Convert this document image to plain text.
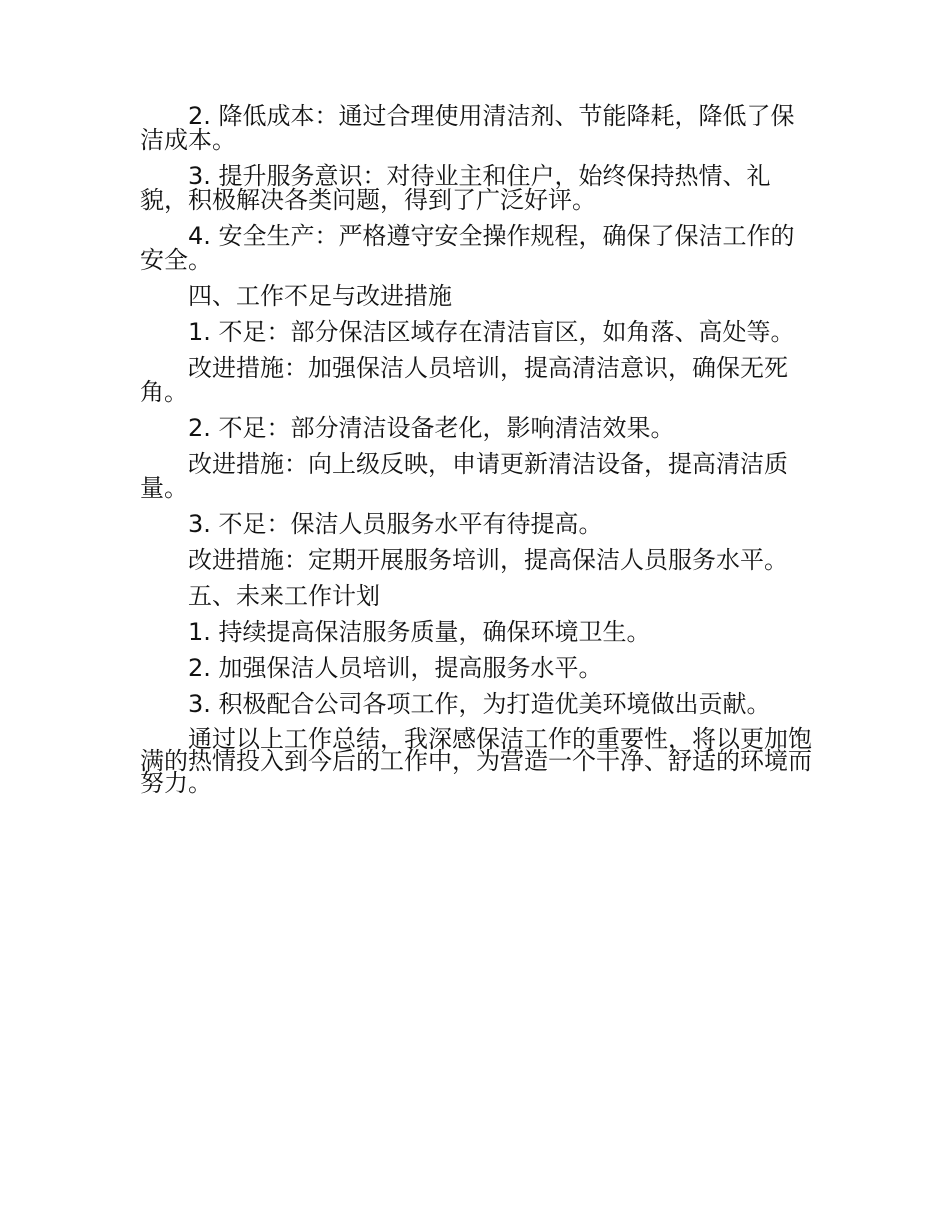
2. 降低成本：通过合理使用清洁剂、节能降耗，降低了保洁成本。

3. 提升服务意识：对待业主和住户，始终保持热情、礼貌，积极解决各类问题，得到了广泛好评。

4. 安全生产：严格遵守安全操作规程，确保了保洁工作的安全。

四、工作不足与改进措施

1. 不足：部分保洁区域存在清洁盲区，如角落、高处等。

改进措施：加强保洁人员培训，提高清洁意识，确保无死角。

2. 不足：部分清洁设备老化，影响清洁效果。

改进措施：向上级反映，申请更新清洁设备，提高清洁质量。

3. 不足：保洁人员服务水平有待提高。

改进措施：定期开展服务培训，提高保洁人员服务水平。

五、未来工作计划

1. 持续提高保洁服务质量，确保环境卫生。

2. 加强保洁人员培训，提高服务水平。

3. 积极配合公司各项工作，为打造优美环境做出贡献。

通过以上工作总结，我深感保洁工作的重要性，将以更加饱满的热情投入到今后的工作中，为营造一个干净、舒适的环境而努力。
